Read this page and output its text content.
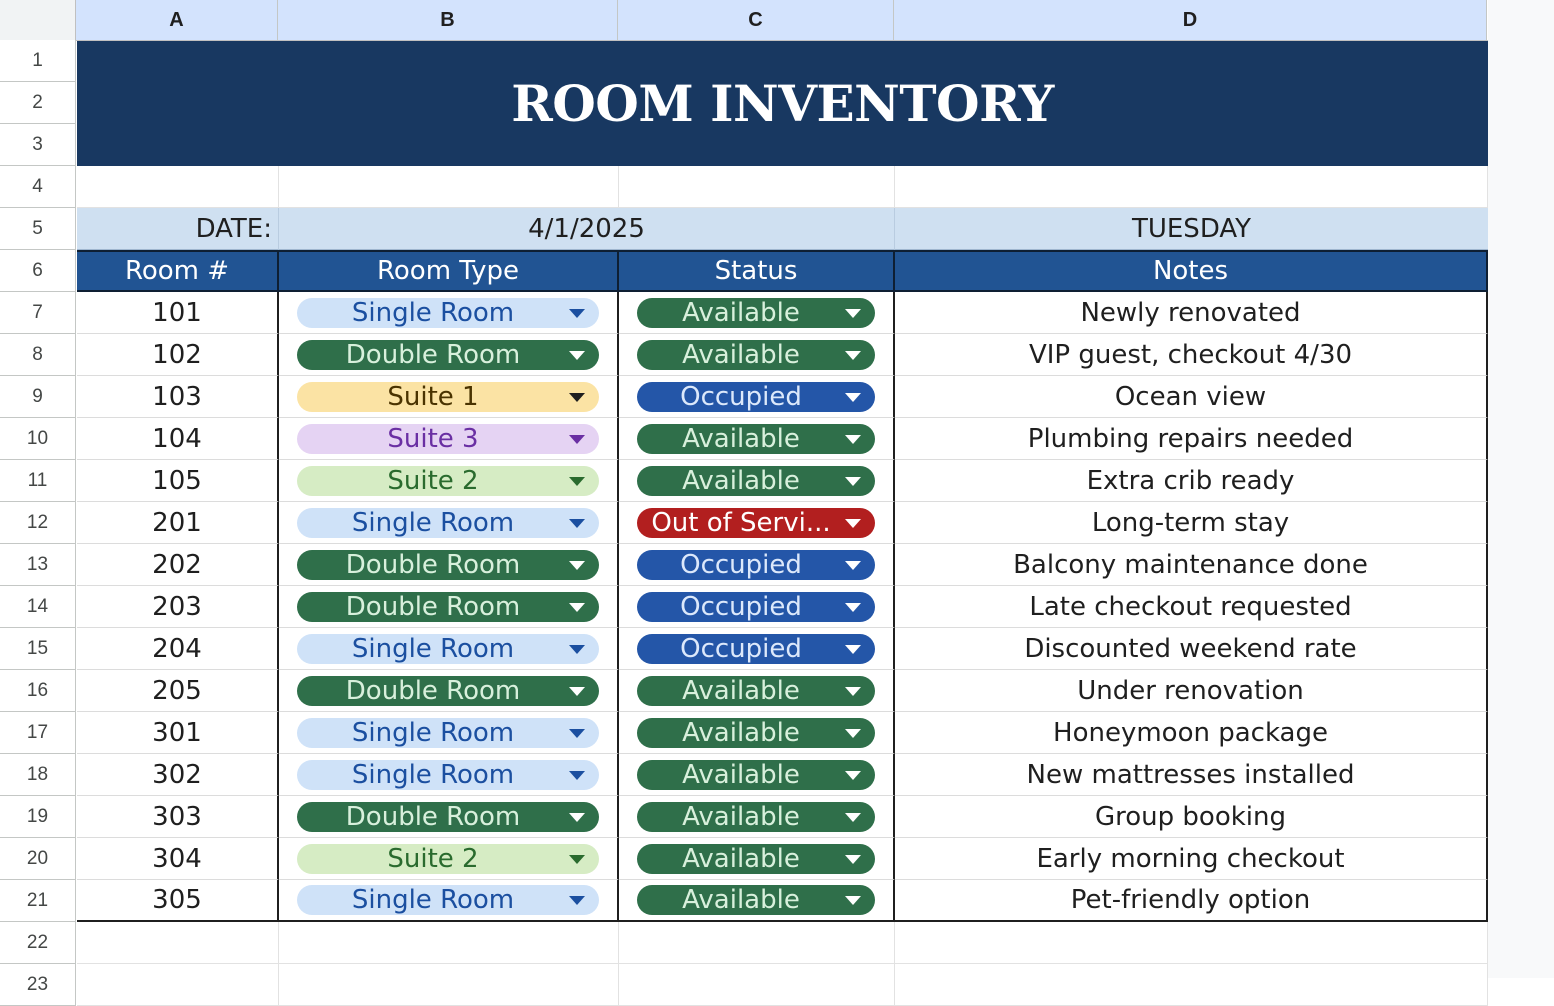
A	B	C	D
1
2
3
4
5
6
7
8
9
10
11
12
13
14
15
16
17
18
19
20
21
22
23
ROOM INVENTORY
DATE:	4/1/2025	TUESDAY
Room #	Room Type	Status	Notes
101	Single Room	Available	Newly renovated
102	Double Room	Available	VIP guest, checkout 4/30
103	Suite 1	Occupied	Ocean view
104	Suite 3	Available	Plumbing repairs needed
105	Suite 2	Available	Extra crib ready
201	Single Room	Out of Servi...	Long-term stay
202	Double Room	Occupied	Balcony maintenance done
203	Double Room	Occupied	Late checkout requested
204	Single Room	Occupied	Discounted weekend rate
205	Double Room	Available	Under renovation
301	Single Room	Available	Honeymoon package
302	Single Room	Available	New mattresses installed
303	Double Room	Available	Group booking
304	Suite 2	Available	Early morning checkout
305	Single Room	Available	Pet-friendly option
